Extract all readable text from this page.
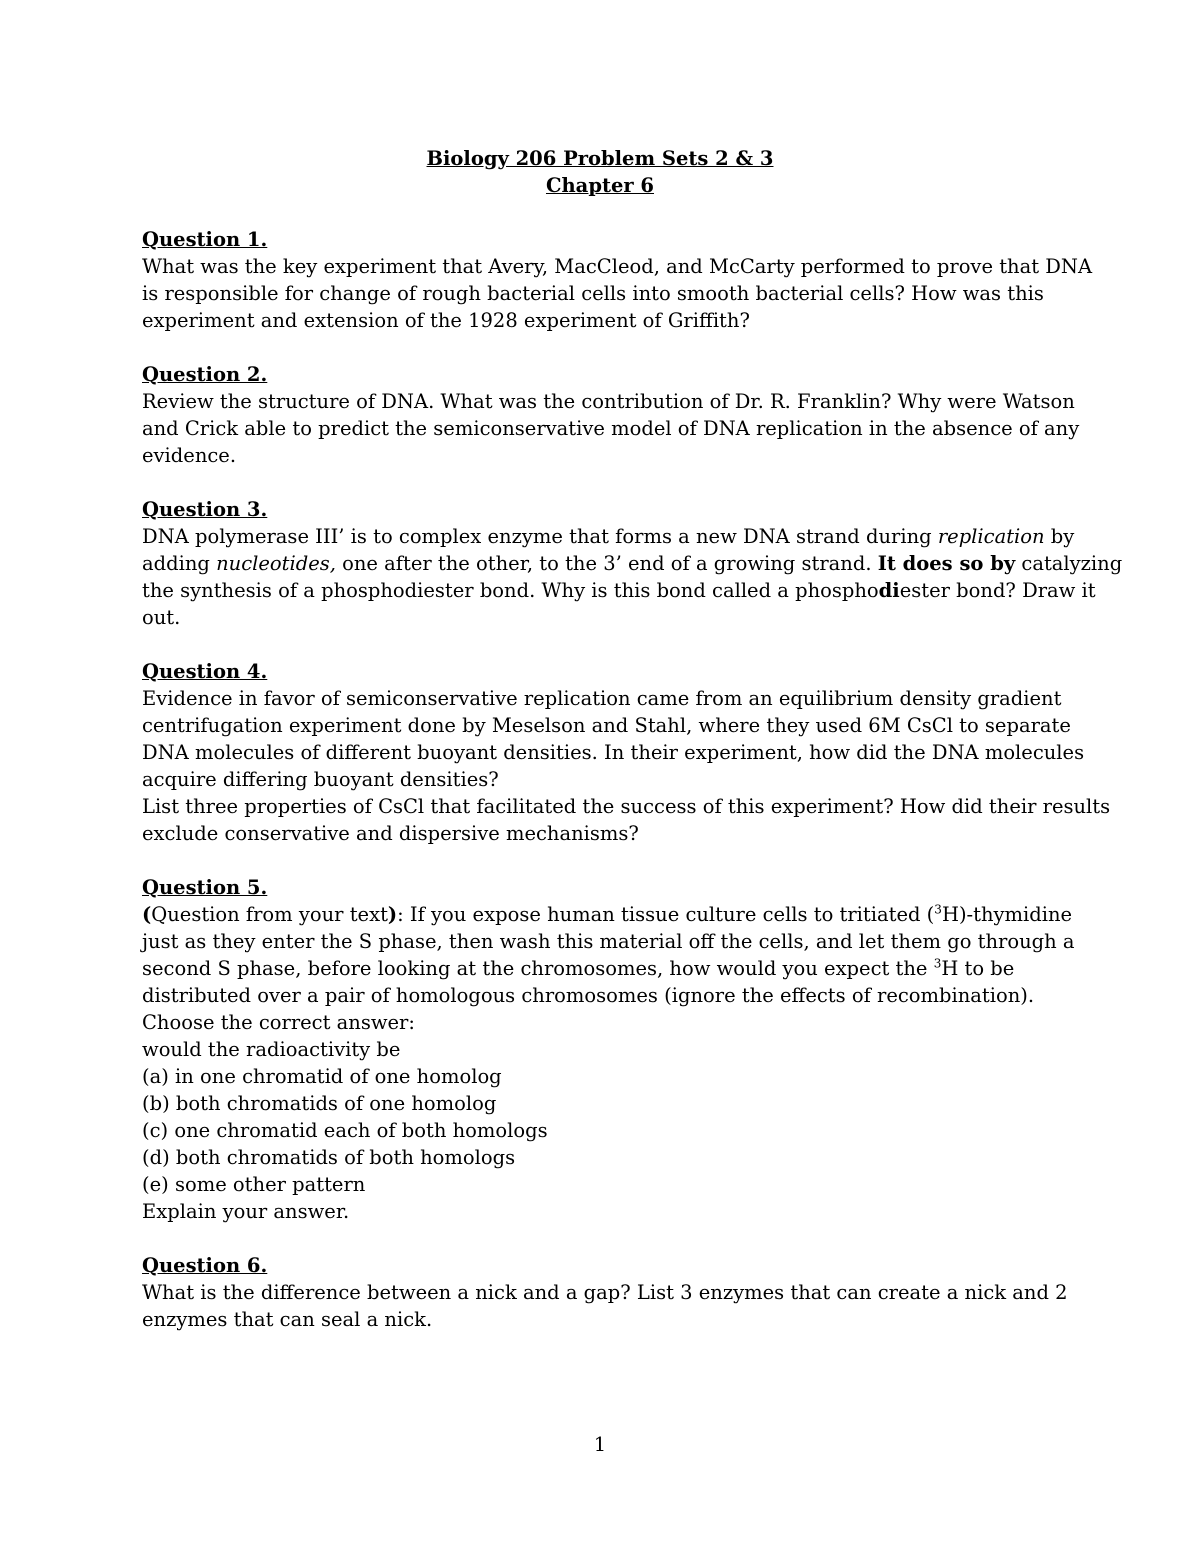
Biology 206 Problem Sets 2 & 3
Chapter 6
Question 1.
What was the key experiment that Avery, MacCleod, and McCarty performed to prove that DNA
is responsible for change of rough bacterial cells into smooth bacterial cells? How was this
experiment and extension of the 1928 experiment of Griffith?
Question 2.
Review the structure of DNA. What was the contribution of Dr. R. Franklin? Why were Watson
and Crick able to predict the semiconservative model of DNA replication in the absence of any
evidence.
Question 3.
DNA polymerase III’ is to complex enzyme that forms a new DNA strand during replication by
adding nucleotides, one after the other, to the 3’ end of a growing strand. It does so by catalyzing
the synthesis of a phosphodiester bond. Why is this bond called a phosphodiester bond? Draw it
out.
Question 4.
Evidence in favor of semiconservative replication came from an equilibrium density gradient
centrifugation experiment done by Meselson and Stahl, where they used 6M CsCl to separate
DNA molecules of different buoyant densities. In their experiment, how did the DNA molecules
acquire differing buoyant densities?
List three properties of CsCl that facilitated the success of this experiment? How did their results
exclude conservative and dispersive mechanisms?
Question 5.
(Question from your text): If you expose human tissue culture cells to tritiated ($^3$H)-thymidine
just as they enter the S phase, then wash this material off the cells, and let them go through a
second S phase, before looking at the chromosomes, how would you expect the $^3$H to be
distributed over a pair of homologous chromosomes (ignore the effects of recombination).
Choose the correct answer:
would the radioactivity be
(a) in one chromatid of one homolog
(b) both chromatids of one homolog
(c) one chromatid each of both homologs
(d) both chromatids of both homologs
(e) some other pattern
Explain your answer.
Question 6.
What is the difference between a nick and a gap? List 3 enzymes that can create a nick and 2
enzymes that can seal a nick.
1
